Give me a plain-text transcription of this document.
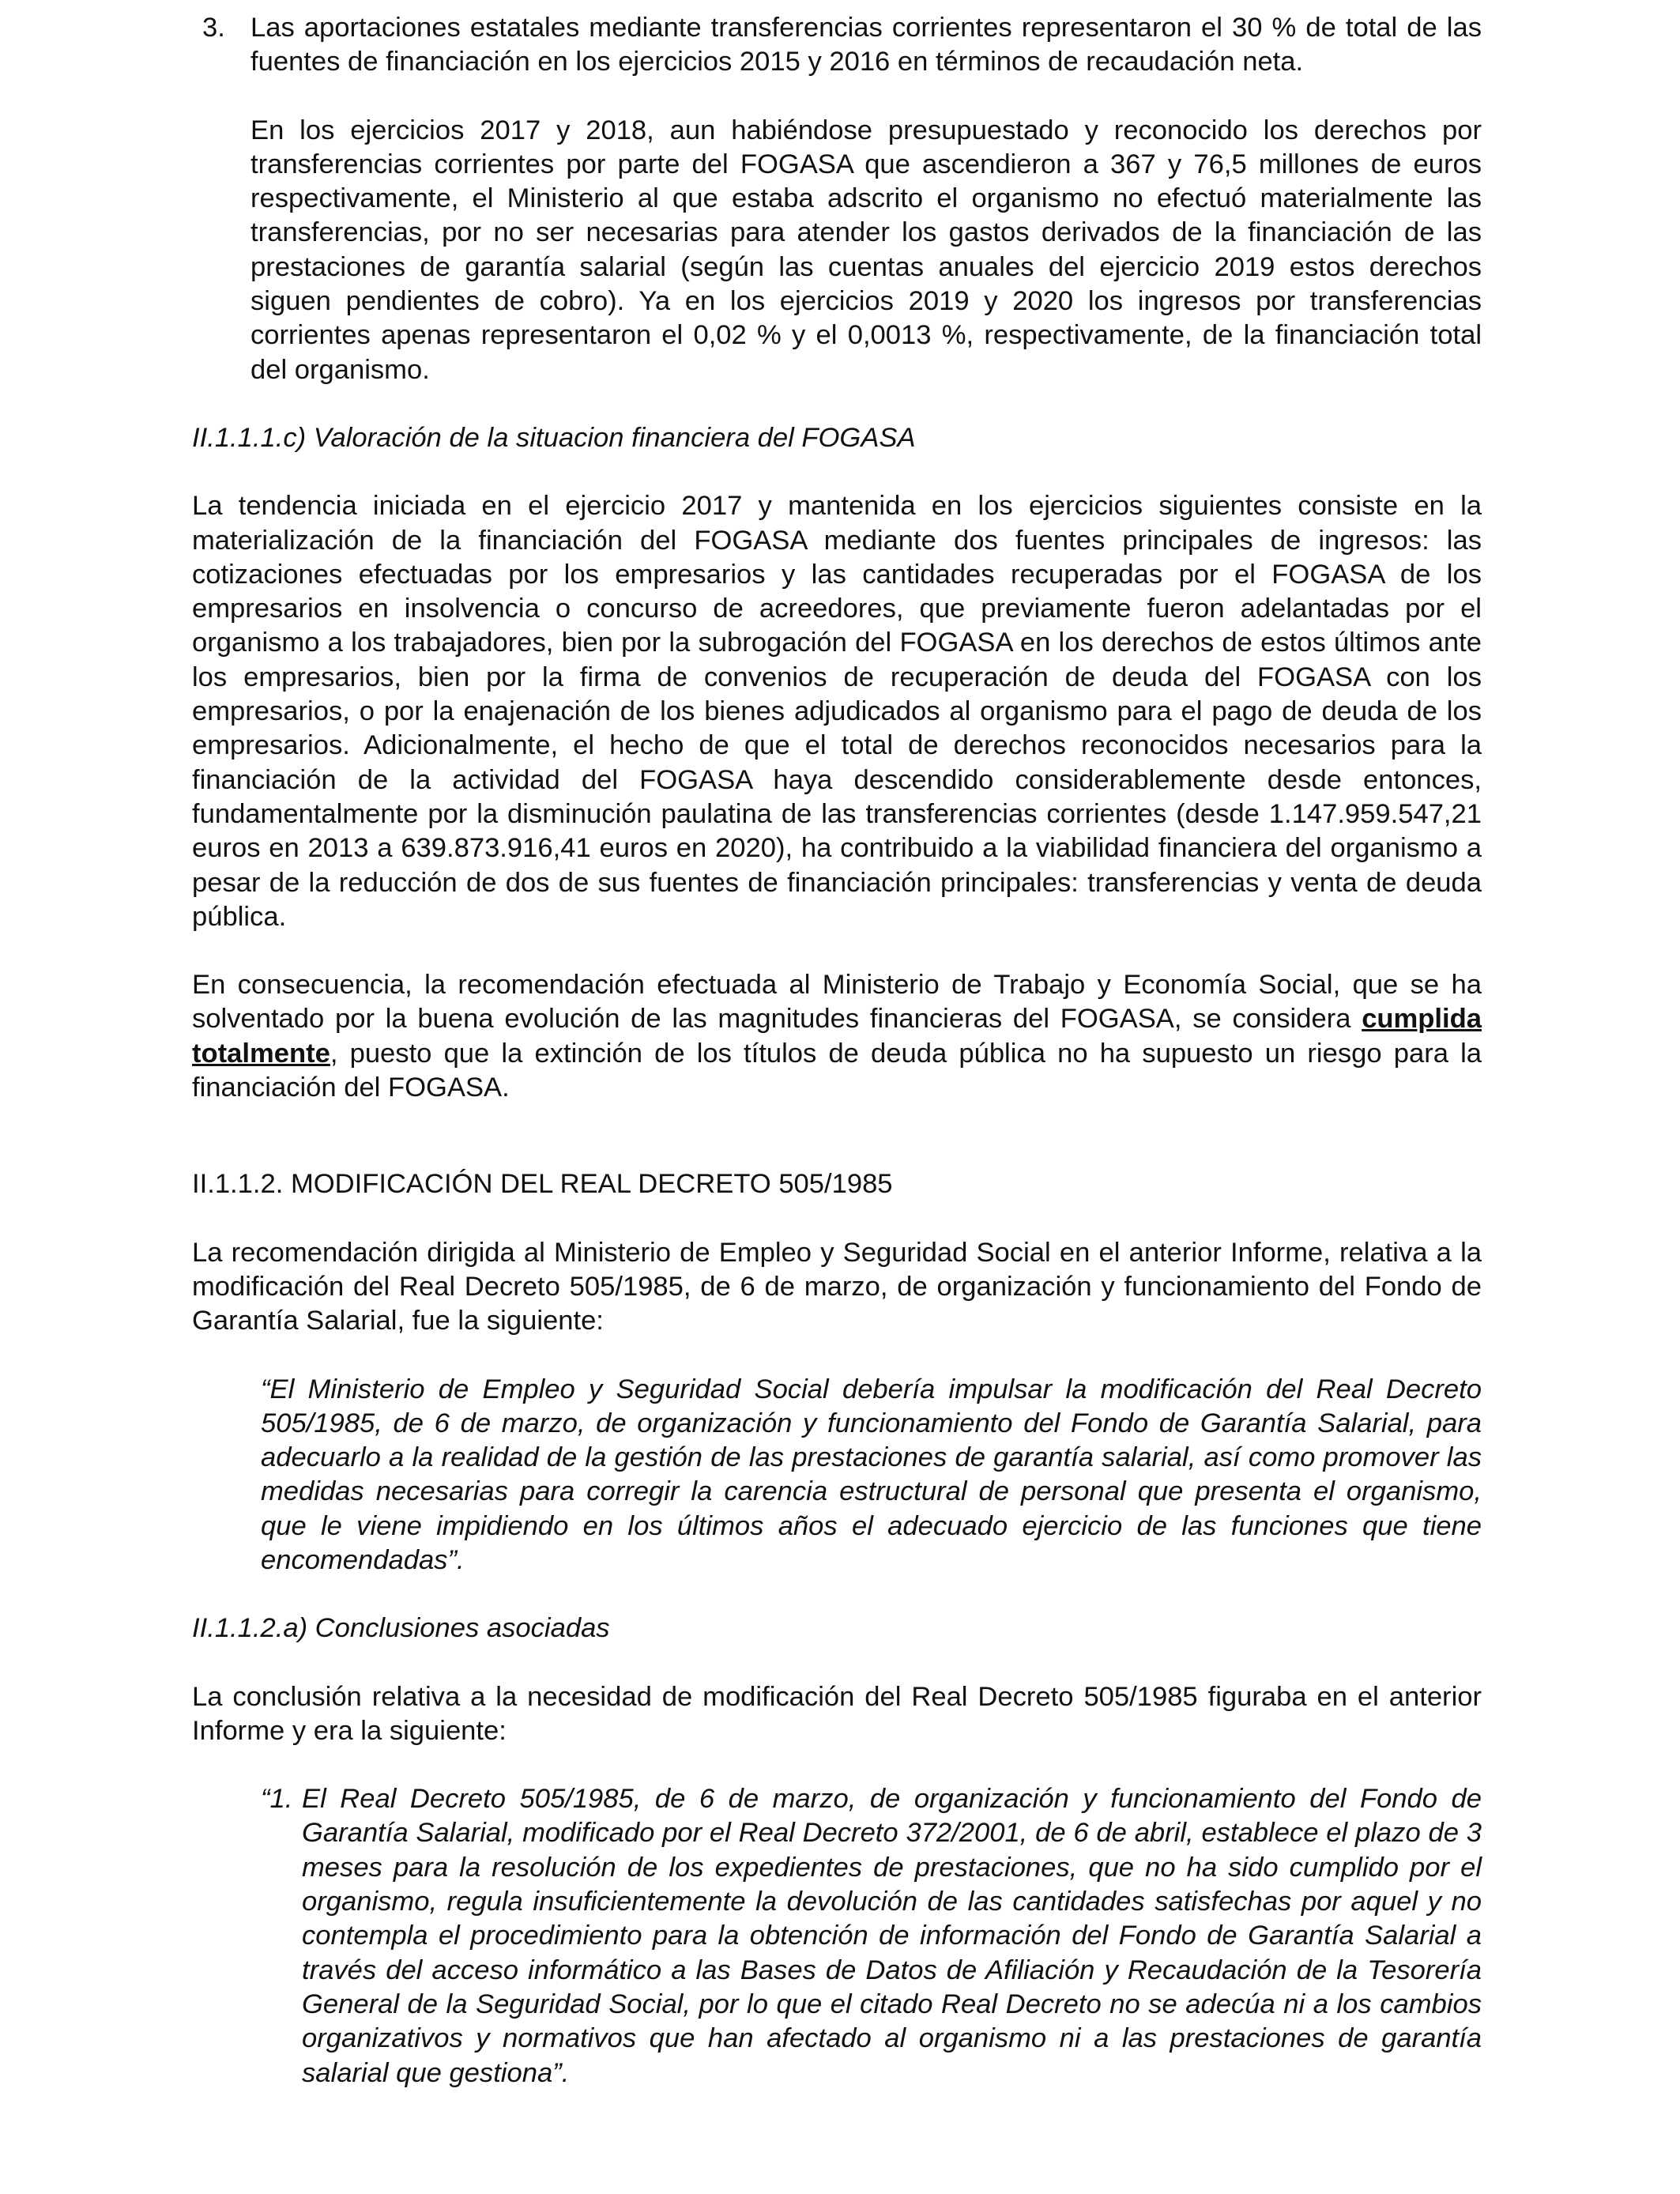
3. Las aportaciones estatales mediante transferencias corrientes representaron el 30 % de total de las fuentes de financiación en los ejercicios 2015 y 2016 en términos de recaudación neta.

En los ejercicios 2017 y 2018, aun habiéndose presupuestado y reconocido los derechos por transferencias corrientes por parte del FOGASA que ascendieron a 367 y 76,5 millones de euros respectivamente, el Ministerio al que estaba adscrito el organismo no efectuó materialmente las transferencias, por no ser necesarias para atender los gastos derivados de la financiación de las prestaciones de garantía salarial (según las cuentas anuales del ejercicio 2019 estos derechos siguen pendientes de cobro). Ya en los ejercicios 2019 y 2020 los ingresos por transferencias corrientes apenas representaron el 0,02 % y el 0,0013 %, respectivamente, de la financiación total del organismo.

II.1.1.1.c) Valoración de la situacion financiera del FOGASA

La tendencia iniciada en el ejercicio 2017 y mantenida en los ejercicios siguientes consiste en la materialización de la financiación del FOGASA mediante dos fuentes principales de ingresos: las cotizaciones efectuadas por los empresarios y las cantidades recuperadas por el FOGASA de los empresarios en insolvencia o concurso de acreedores, que previamente fueron adelantadas por el organismo a los trabajadores, bien por la subrogación del FOGASA en los derechos de estos últimos ante los empresarios, bien por la firma de convenios de recuperación de deuda del FOGASA con los empresarios, o por la enajenación de los bienes adjudicados al organismo para el pago de deuda de los empresarios. Adicionalmente, el hecho de que el total de derechos reconocidos necesarios para la financiación de la actividad del FOGASA haya descendido considerablemente desde entonces, fundamentalmente por la disminución paulatina de las transferencias corrientes (desde 1.147.959.547,21 euros en 2013 a 639.873.916,41 euros en 2020), ha contribuido a la viabilidad financiera del organismo a pesar de la reducción de dos de sus fuentes de financiación principales: transferencias y venta de deuda pública.

En consecuencia, la recomendación efectuada al Ministerio de Trabajo y Economía Social, que se ha solventado por la buena evolución de las magnitudes financieras del FOGASA, se considera cumplida totalmente, puesto que la extinción de los títulos de deuda pública no ha supuesto un riesgo para la financiación del FOGASA.

II.1.1.2. MODIFICACIÓN DEL REAL DECRETO 505/1985

La recomendación dirigida al Ministerio de Empleo y Seguridad Social en el anterior Informe, relativa a la modificación del Real Decreto 505/1985, de 6 de marzo, de organización y funcionamiento del Fondo de Garantía Salarial, fue la siguiente:

“El Ministerio de Empleo y Seguridad Social debería impulsar la modificación del Real Decreto 505/1985, de 6 de marzo, de organización y funcionamiento del Fondo de Garantía Salarial, para adecuarlo a la realidad de la gestión de las prestaciones de garantía salarial, así como promover las medidas necesarias para corregir la carencia estructural de personal que presenta el organismo, que le viene impidiendo en los últimos años el adecuado ejercicio de las funciones que tiene encomendadas”.

II.1.1.2.a) Conclusiones asociadas

La conclusión relativa a la necesidad de modificación del Real Decreto 505/1985 figuraba en el anterior Informe y era la siguiente:

“1. El Real Decreto 505/1985, de 6 de marzo, de organización y funcionamiento del Fondo de Garantía Salarial, modificado por el Real Decreto 372/2001, de 6 de abril, establece el plazo de 3 meses para la resolución de los expedientes de prestaciones, que no ha sido cumplido por el organismo, regula insuficientemente la devolución de las cantidades satisfechas por aquel y no contempla el procedimiento para la obtención de información del Fondo de Garantía Salarial a través del acceso informático a las Bases de Datos de Afiliación y Recaudación de la Tesorería General de la Seguridad Social, por lo que el citado Real Decreto no se adecúa ni a los cambios organizativos y normativos que han afectado al organismo ni a las prestaciones de garantía salarial que gestiona”.
